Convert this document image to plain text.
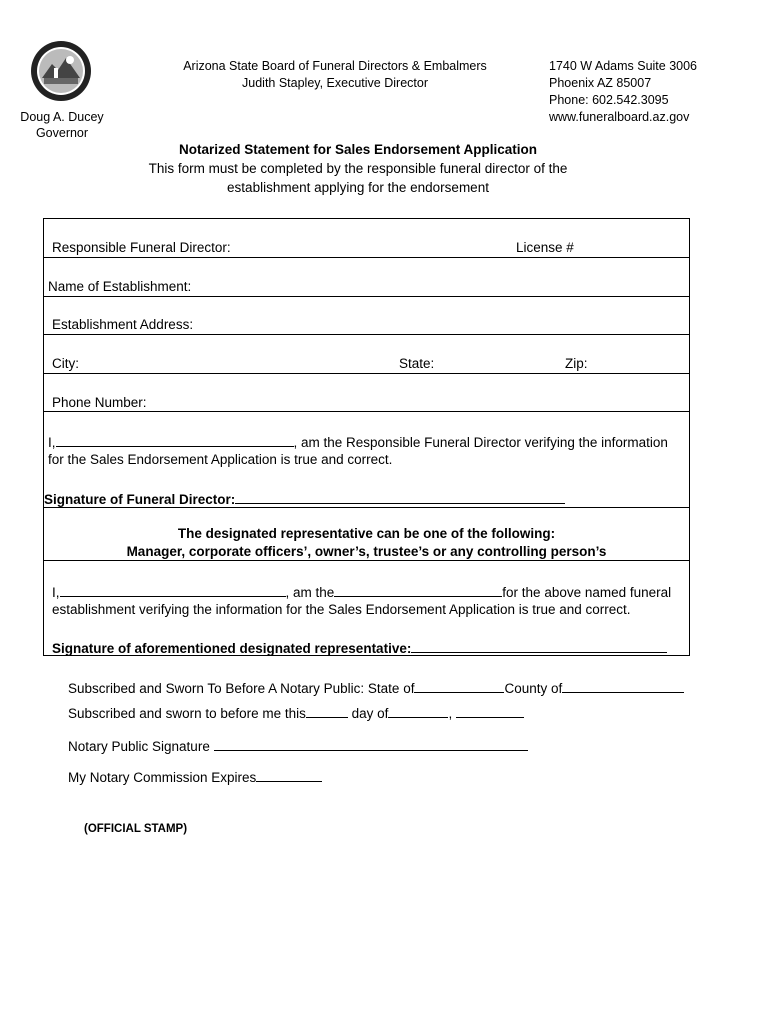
Arizona State Board of Funeral Directors & Embalmers
Judith Stapley, Executive Director
1740 W Adams Suite 3006
Phoenix AZ 85007
Phone: 602.542.3095
www.funeralboard.az.gov
Doug A. Ducey
Governor
Notarized Statement for Sales Endorsement Application
This form must be completed by the responsible funeral director of the
establishment applying for the endorsement
Responsible Funeral Director:	License #
Name of Establishment:
Establishment Address:
City:	State:	Zip:
Phone Number:
I,	, am the Responsible Funeral Director verifying the information
for the Sales Endorsement Application is true and correct.
Signature of Funeral Director:
The designated representative can be one of the following:
Manager, corporate officers’, owner’s, trustee’s or any controlling person’s
I,	, am the	for the above named funeral
establishment verifying the information for the Sales Endorsement Application is true and correct.
Signature of aforementioned designated representative:
Subscribed and Sworn To Before A Notary Public: State of	County of
Subscribed and sworn to before me this	day of	,
Notary Public Signature
My Notary Commission Expires
(OFFICIAL STAMP)
